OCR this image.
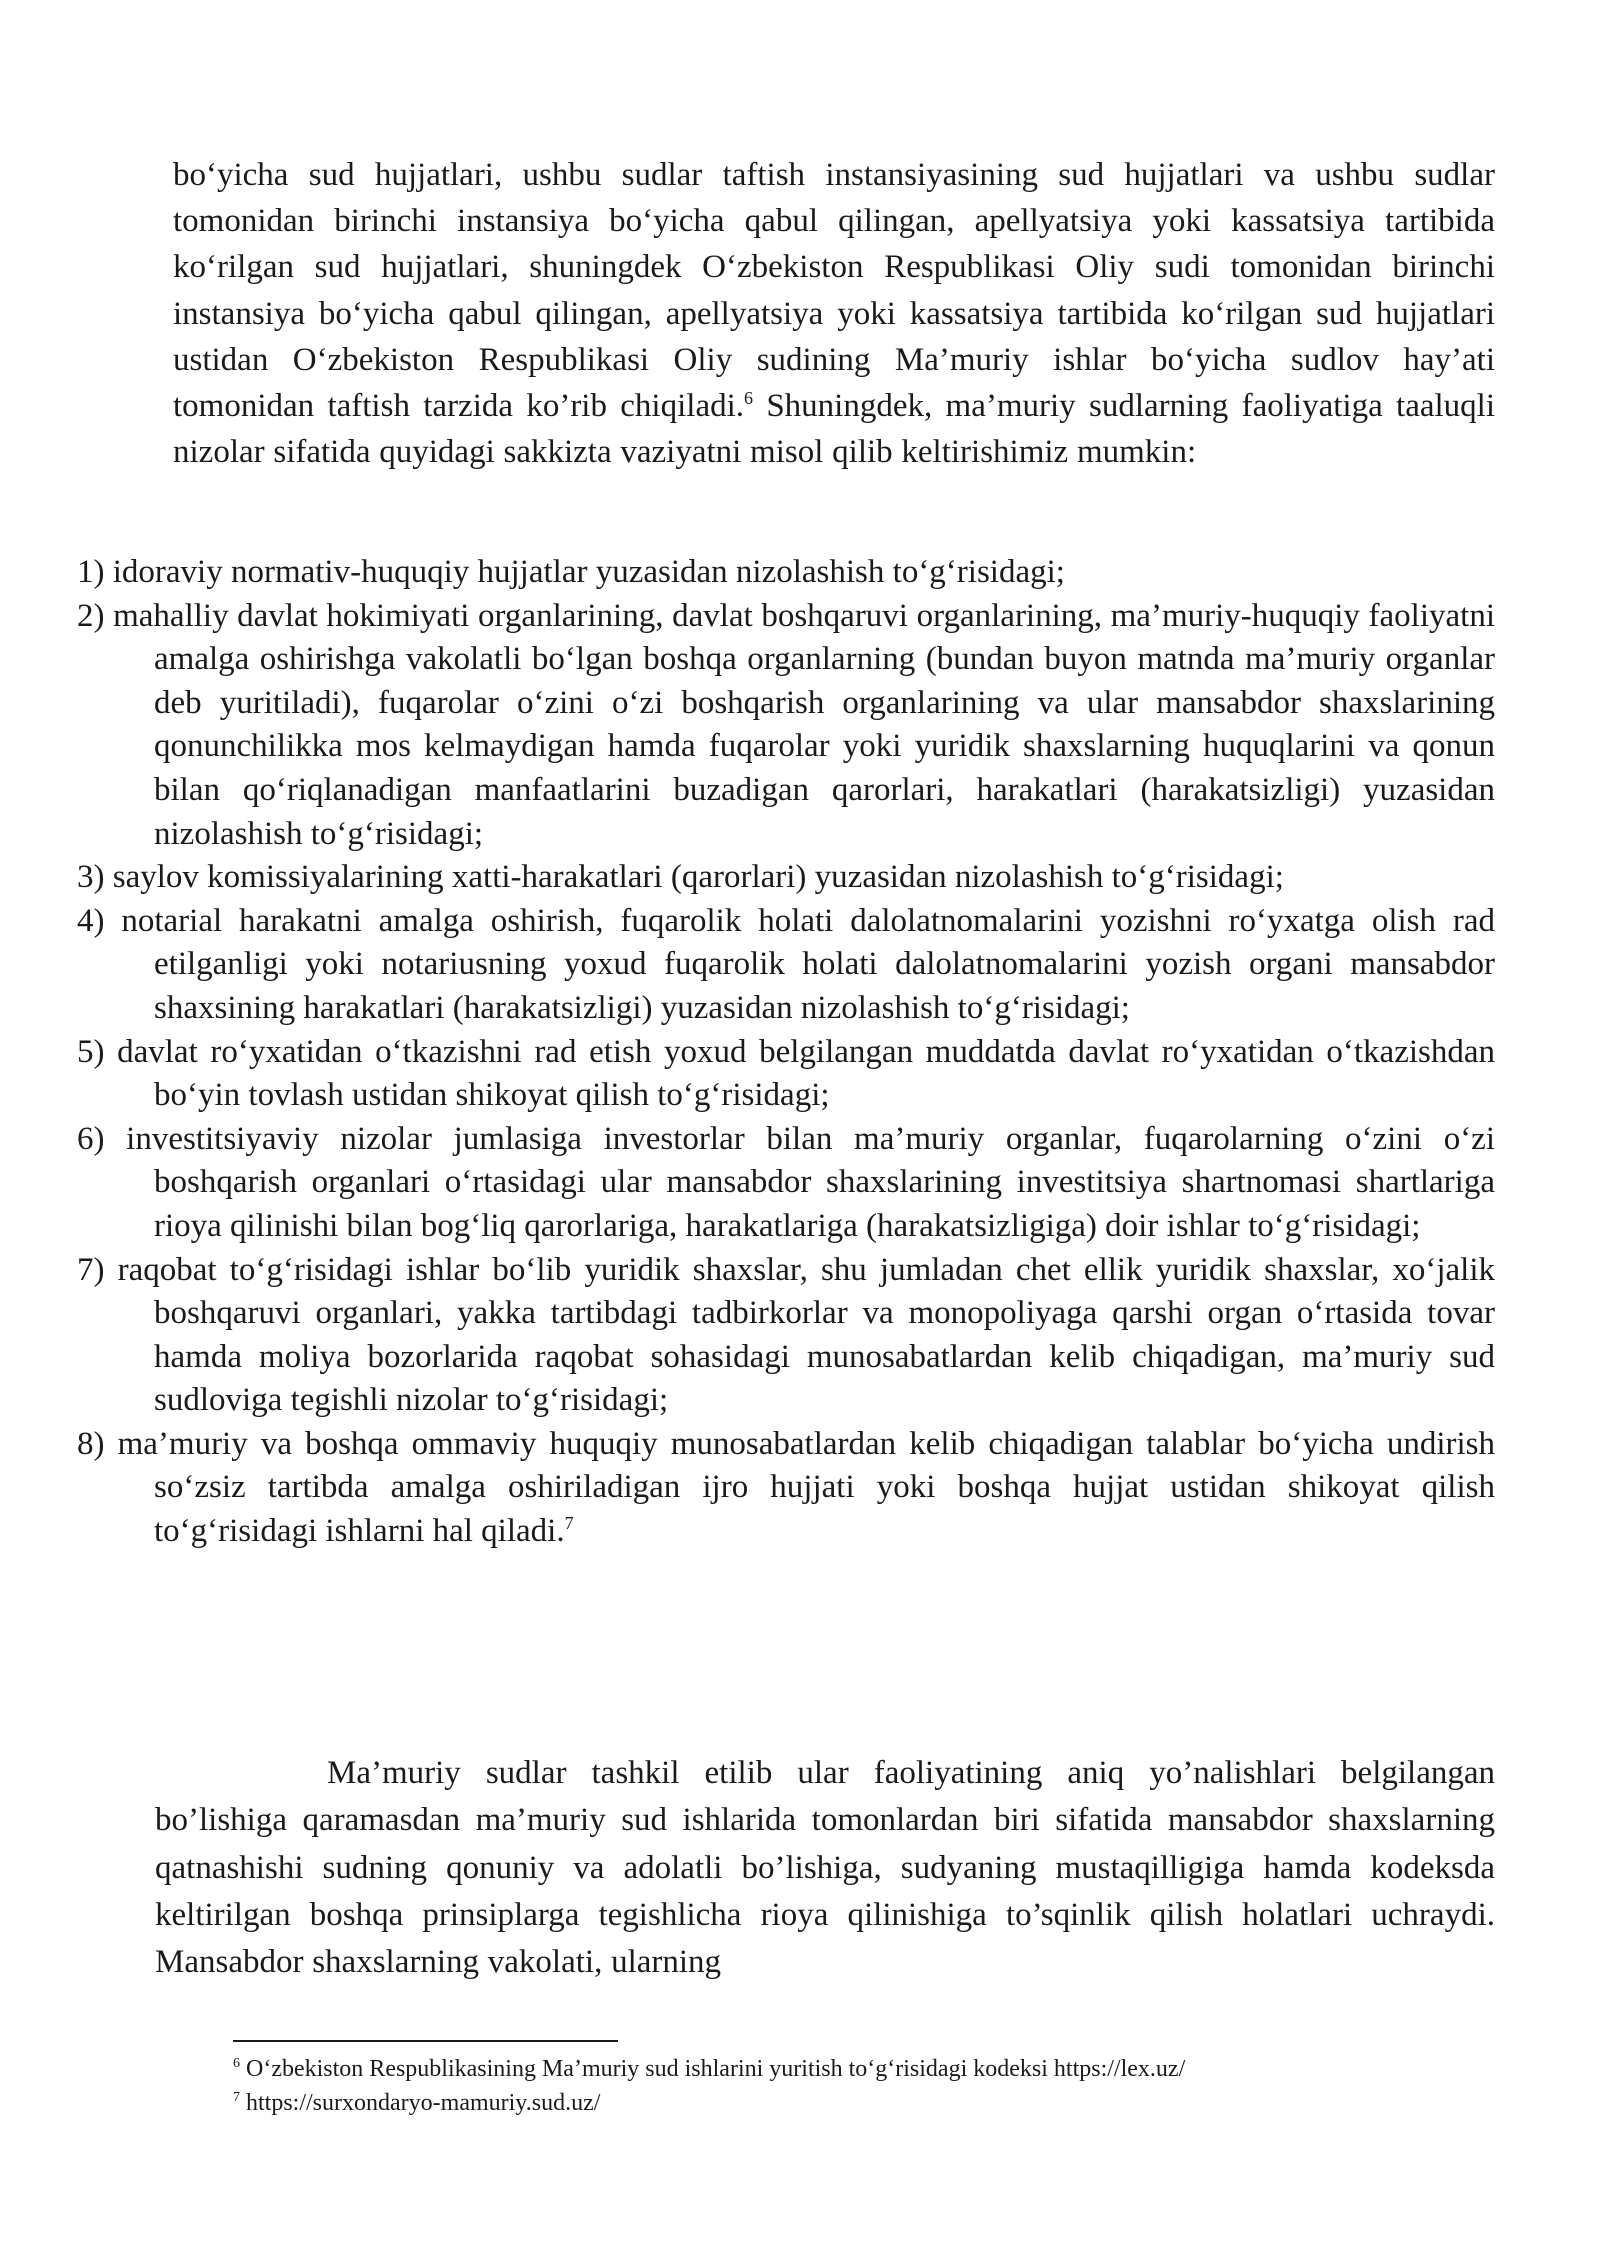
bo‘yicha sud hujjatlari, ushbu sudlar taftish instansiyasining sud hujjatlari va ushbu sudlar tomonidan birinchi instansiya bo‘yicha qabul qilingan, apellyatsiya yoki kassatsiya tartibida ko‘rilgan sud hujjatlari, shuningdek O‘zbekiston Respublikasi Oliy sudi tomonidan birinchi instansiya bo‘yicha qabul qilingan, apellyatsiya yoki kassatsiya tartibida ko‘rilgan sud hujjatlari ustidan O‘zbekiston Respublikasi Oliy sudining Ma’muriy ishlar bo‘yicha sudlov hay’ati tomonidan taftish tarzida ko’rib chiqiladi.$^6$ Shuningdek, ma’muriy sudlarning faoliyatiga taaluqli nizolar sifatida quyidagi sakkizta vaziyatni misol qilib keltirishimiz mumkin:

1) idoraviy normativ-huquqiy hujjatlar yuzasidan nizolashish to‘g‘risidagi;
2) mahalliy davlat hokimiyati organlarining, davlat boshqaruvi organlarining, ma’muriy-huquqiy faoliyatni amalga oshirishga vakolatli bo‘lgan boshqa organlarning (bundan buyon matnda ma’muriy organlar deb yuritiladi), fuqarolar o‘zini o‘zi boshqarish organlarining va ular mansabdor shaxslarining qonunchilikka mos kelmaydigan hamda fuqarolar yoki yuridik shaxslarning huquqlarini va qonun bilan qo‘riqlanadigan manfaatlarini buzadigan qarorlari, harakatlari (harakatsizligi) yuzasidan nizolashish to‘g‘risidagi;
3) saylov komissiyalarining xatti-harakatlari (qarorlari) yuzasidan nizolashish to‘g‘risidagi;
4) notarial harakatni amalga oshirish, fuqarolik holati dalolatnomalarini yozishni ro‘yxatga olish rad etilganligi yoki notariusning yoxud fuqarolik holati dalolatnomalarini yozish organi mansabdor shaxsining harakatlari (harakatsizligi) yuzasidan nizolashish to‘g‘risidagi;
5) davlat ro‘yxatidan o‘tkazishni rad etish yoxud belgilangan muddatda davlat ro‘yxatidan o‘tkazishdan bo‘yin tovlash ustidan shikoyat qilish to‘g‘risidagi;
6) investitsiyaviy nizolar jumlasiga investorlar bilan ma’muriy organlar, fuqarolarning o‘zini o‘zi boshqarish organlari o‘rtasidagi ular mansabdor shaxslarining investitsiya shartnomasi shartlariga rioya qilinishi bilan bog‘liq qarorlariga, harakatlariga (harakatsizligiga) doir ishlar to‘g‘risidagi;
7) raqobat to‘g‘risidagi ishlar bo‘lib yuridik shaxslar, shu jumladan chet ellik yuridik shaxslar, xo‘jalik boshqaruvi organlari, yakka tartibdagi tadbirkorlar va monopoliyaga qarshi organ o‘rtasida tovar hamda moliya bozorlarida raqobat sohasidagi munosabatlardan kelib chiqadigan, ma’muriy sud sudloviga tegishli nizolar to‘g‘risidagi;
8) ma’muriy va boshqa ommaviy huquqiy munosabatlardan kelib chiqadigan talablar bo‘yicha undirish so‘zsiz tartibda amalga oshiriladigan ijro hujjati yoki boshqa hujjat ustidan shikoyat qilish to‘g‘risidagi ishlarni hal qiladi.$^7$

Ma’muriy sudlar tashkil etilib ular faoliyatining aniq yo’nalishlari belgilangan bo’lishiga qaramasdan ma’muriy sud ishlarida tomonlardan biri sifatida mansabdor shaxslarning qatnashishi sudning qonuniy va adolatli bo’lishiga, sudyaning mustaqilligiga hamda kodeksda keltirilgan boshqa prinsiplarga tegishlicha rioya qilinishiga to’sqinlik qilish holatlari uchraydi. Mansabdor shaxslarning vakolati, ularning

$^6$ O‘zbekiston Respublikasining Ma’muriy sud ishlarini yuritish to‘g‘risidagi kodeksi https://lex.uz/
$^7$ https://surxondaryo-mamuriy.sud.uz/
